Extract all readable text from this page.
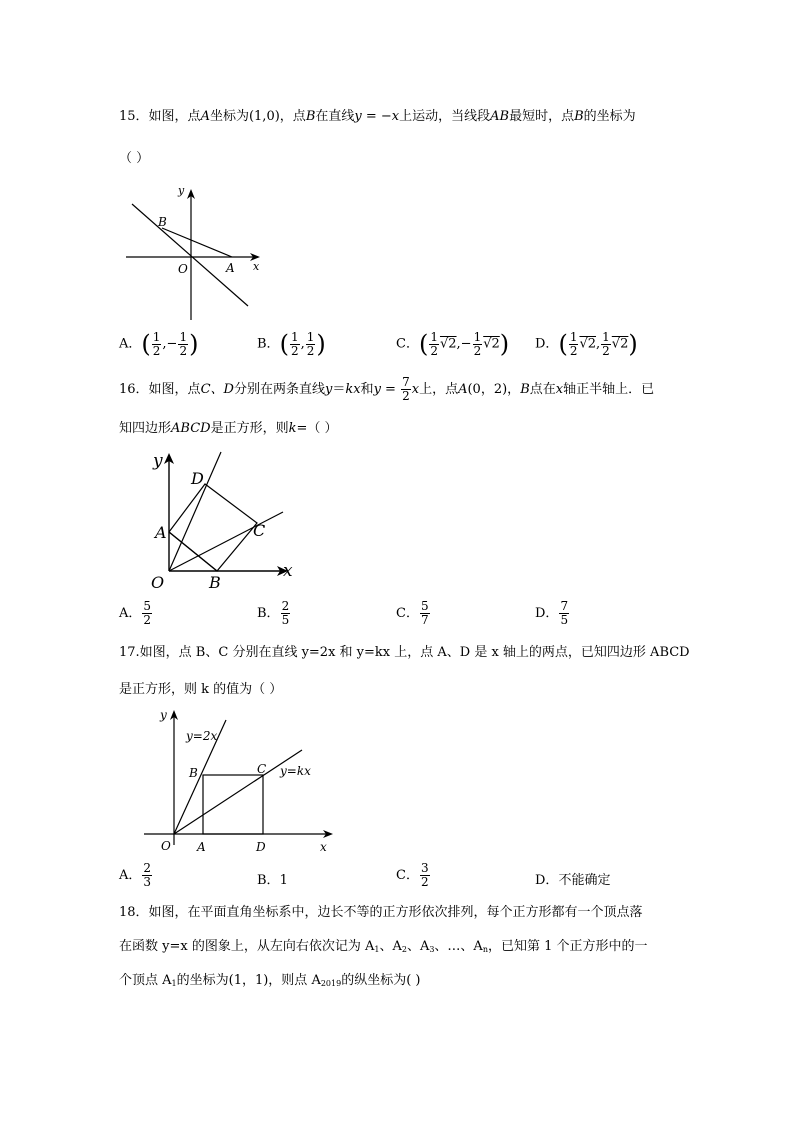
15．如图，点A坐标为(1,0)，点B在直线y = −x上运动，当线段AB最短时，点B的坐标为
（ ）
y
x
B
O	A
A．( $\frac{1}{2}$ ,− $\frac{1}{2}$ )	B．( $\frac{1}{2}$ , $\frac{1}{2}$ )	C．( $\frac{1}{2} √2,- \frac{1}{2} √2$) D．( $\frac{1}{2} √2$, $\frac{1}{2} √2$)
16．如图，点C、D分别在两条直线y＝kx和$y = \frac{7}{2}$ x上，点A(0，2)，B点在x轴正半轴上．已
知四边形ABCD是正方形，则k=（ ）
y
x
D
A	C
O	B
A． $\frac{5}{2}$	B． $\frac{2}{5}$	C． $\frac{5}{7}$	D． $\frac{7}{5}$
17.如图，点 B、C 分别在直线 y=2x 和 y=kx 上，点 A、D 是 x 轴上的两点，已知四边形 ABCD
是正方形，则 k 的值为（ ）
y
x
y=2x
y=kx
B	C
O A	D
A． $\frac{2}{3}$	B．1	C． $\frac{3}{2}$	D．不能确定
18．如图，在平面直角坐标系中，边长不等的正方形依次排列，每个正方形都有一个顶点落
在函数 y=x 的图象上，从左向右依次记为 $A_1$、$A_2$、$A_3$、…、$A_n$，已知第 1 个正方形中的一
个顶点 $A_1$的坐标为(1，1)，则点 $A_{2019}$的纵坐标为( )
